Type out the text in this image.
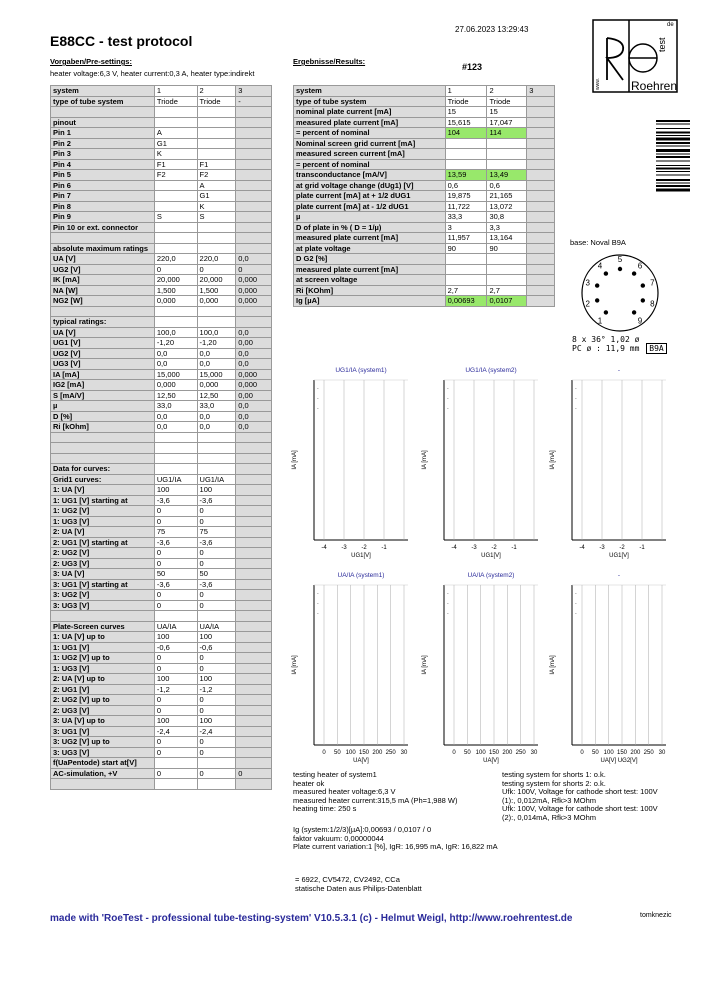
27.06.2023 13:29:43
E88CC - test protocol
Vorgaben/Pre-settings:
heater voltage:6,3 V, heater current:0,3 A, heater type:indirekt
Ergebnisse/Results:
#123
www.
test
de
Roehren
system	1	2	3
type of tube system	Triode	Triode	-

pinout			
Pin 1	A		
Pin 2	G1		
Pin 3	K		
Pin 4	F1	F1	
Pin 5	F2	F2	
Pin 6		A	
Pin 7		G1	
Pin 8		K	
Pin 9	S	S	
Pin 10 or ext. connector			

absolute maximum ratings			
UA [V]	220,0	220,0	0,0
UG2 [V]	0	0	0
IK [mA]	20,000	20,000	0,000
NA [W]	1,500	1,500	0,000
NG2 [W]	0,000	0,000	0,000

typical ratings:			
UA [V]	100,0	100,0	0,0
UG1 [V]	-1,20	-1,20	0,00
UG2 [V]	0,0	0,0	0,0
UG3 [V]	0,0	0,0	0,0
IA [mA]	15,000	15,000	0,000
IG2 [mA]	0,000	0,000	0,000
S [mA/V]	12,50	12,50	0,00
µ	33,0	33,0	0,0
D [%]	0,0	0,0	0,0
Ri [kOhm]	0,0	0,0	0,0

Data for curves:			
Grid1 curves:	UG1/IA	UG1/IA	
1: UA [V]	100	100	
1: UG1 [V] starting at	-3,6	-3,6	
1: UG2 [V]	0	0	
1: UG3 [V]	0	0	
2: UA [V]	75	75	
2: UG1 [V] starting at	-3,6	-3,6	
2: UG2 [V]	0	0	
2: UG3 [V]	0	0	
3: UA [V]	50	50	
3: UG1 [V] starting at	-3,6	-3,6	
3: UG2 [V]	0	0	
3: UG3 [V]	0	0	

Plate-Screen curves	UA/IA	UA/IA	
1: UA [V] up to	100	100	
1: UG1 [V]	-0,6	-0,6	
1: UG2 [V] up to	0	0	
1: UG3 [V]	0	0	
2: UA [V] up to	100	100	
2: UG1 [V]	-1,2	-1,2	
2: UG2 [V] up to	0	0	
2: UG3 [V]	0	0	
3: UA [V] up to	100	100	
3: UG1 [V]	-2,4	-2,4	
3: UG2 [V] up to	0	0	
3: UG3 [V]	0	0	
f(UaPentode) start at[V]			
AC-simulation, +V	0	0	0

system	1	2	3
type of tube system	Triode	Triode	
nominal plate current [mA]	15	15	
measured plate current [mA]	15,615	17,047	
= percent of nominal	104	114	
Nominal screen grid current [mA]			
measured screen current [mA]			
= percent of nominal			
transconductance [mA/V]	13,59	13,49	
at grid voltage change (dUg1) [V]	0,6	0,6	
plate current [mA] at + 1/2 dUG1	19,875	21,165	
plate current [mA] at - 1/2 dUG1	11,722	13,072	
µ	33,3	30,8	
D of plate in % ( D = 1/µ)	3	3,3	
measured plate current [mA]	11,957	13,164	
at plate voltage	90	90	
D G2 [%]			
measured plate current [mA]			
at screen voltage			
Ri [KOhm]	2,7	2,7	
Ig [µA]	0,00693	0,0107	
base: Noval B9A
1
2
3
4
5
6
7
8
9
8 x 36° 1,02 ø
PC ø : 11,9 mm B9A
UG1/IA (system1)
-
-
-
-4 -3 -2 -1
UG1[V]
IA [mA]
UG1/IA (system2)
-
-
-
-4 -3 -2 -1
UG1[V]
IA [mA]
-
-
-
-
-4 -3 -2 -1
UG1[V]
IA [mA]
UA/IA (system1)
-
-
-
0 50 100 150 200 250 30
UA[V]
IA [mA]
UA/IA (system2)
-
-
-
0 50 100 150 200 250 30
UA[V]
IA [mA]
-
-
-
-
0 50 100 150 200 250 30
UA[V] UG2[V]
IA [mA]
testing heater of system1
heater ok
measured heater voltage:6,3 V
measured heater current:315,5 mA (Ph=1,988 W)
heating time: 250 s
testing system for shorts 1: o.k.
testing system for shorts 2: o.k.
Ufk: 100V, Voltage for cathode short test: 100V
(1):, 0,012mA, Rfk>3 MOhm
Ufk: 100V, Voltage for cathode short test: 100V
(2):, 0,014mA, Rfk>3 MOhm
Ig (system:1/2/3)[µA]:0,00693 / 0,0107 / 0
faktor vakuum: 0,00000044
Plate current variation:1 [%], IgR: 16,995 mA, IgR: 16,822 mA
= 6922, CV5472, CV2492, CCa
statische Daten aus Philips-Datenblatt
made with 'RoeTest - professional tube-testing-system' V10.5.3.1 (c) - Helmut Weigl, http://www.roehrentest.de	tomknezic
